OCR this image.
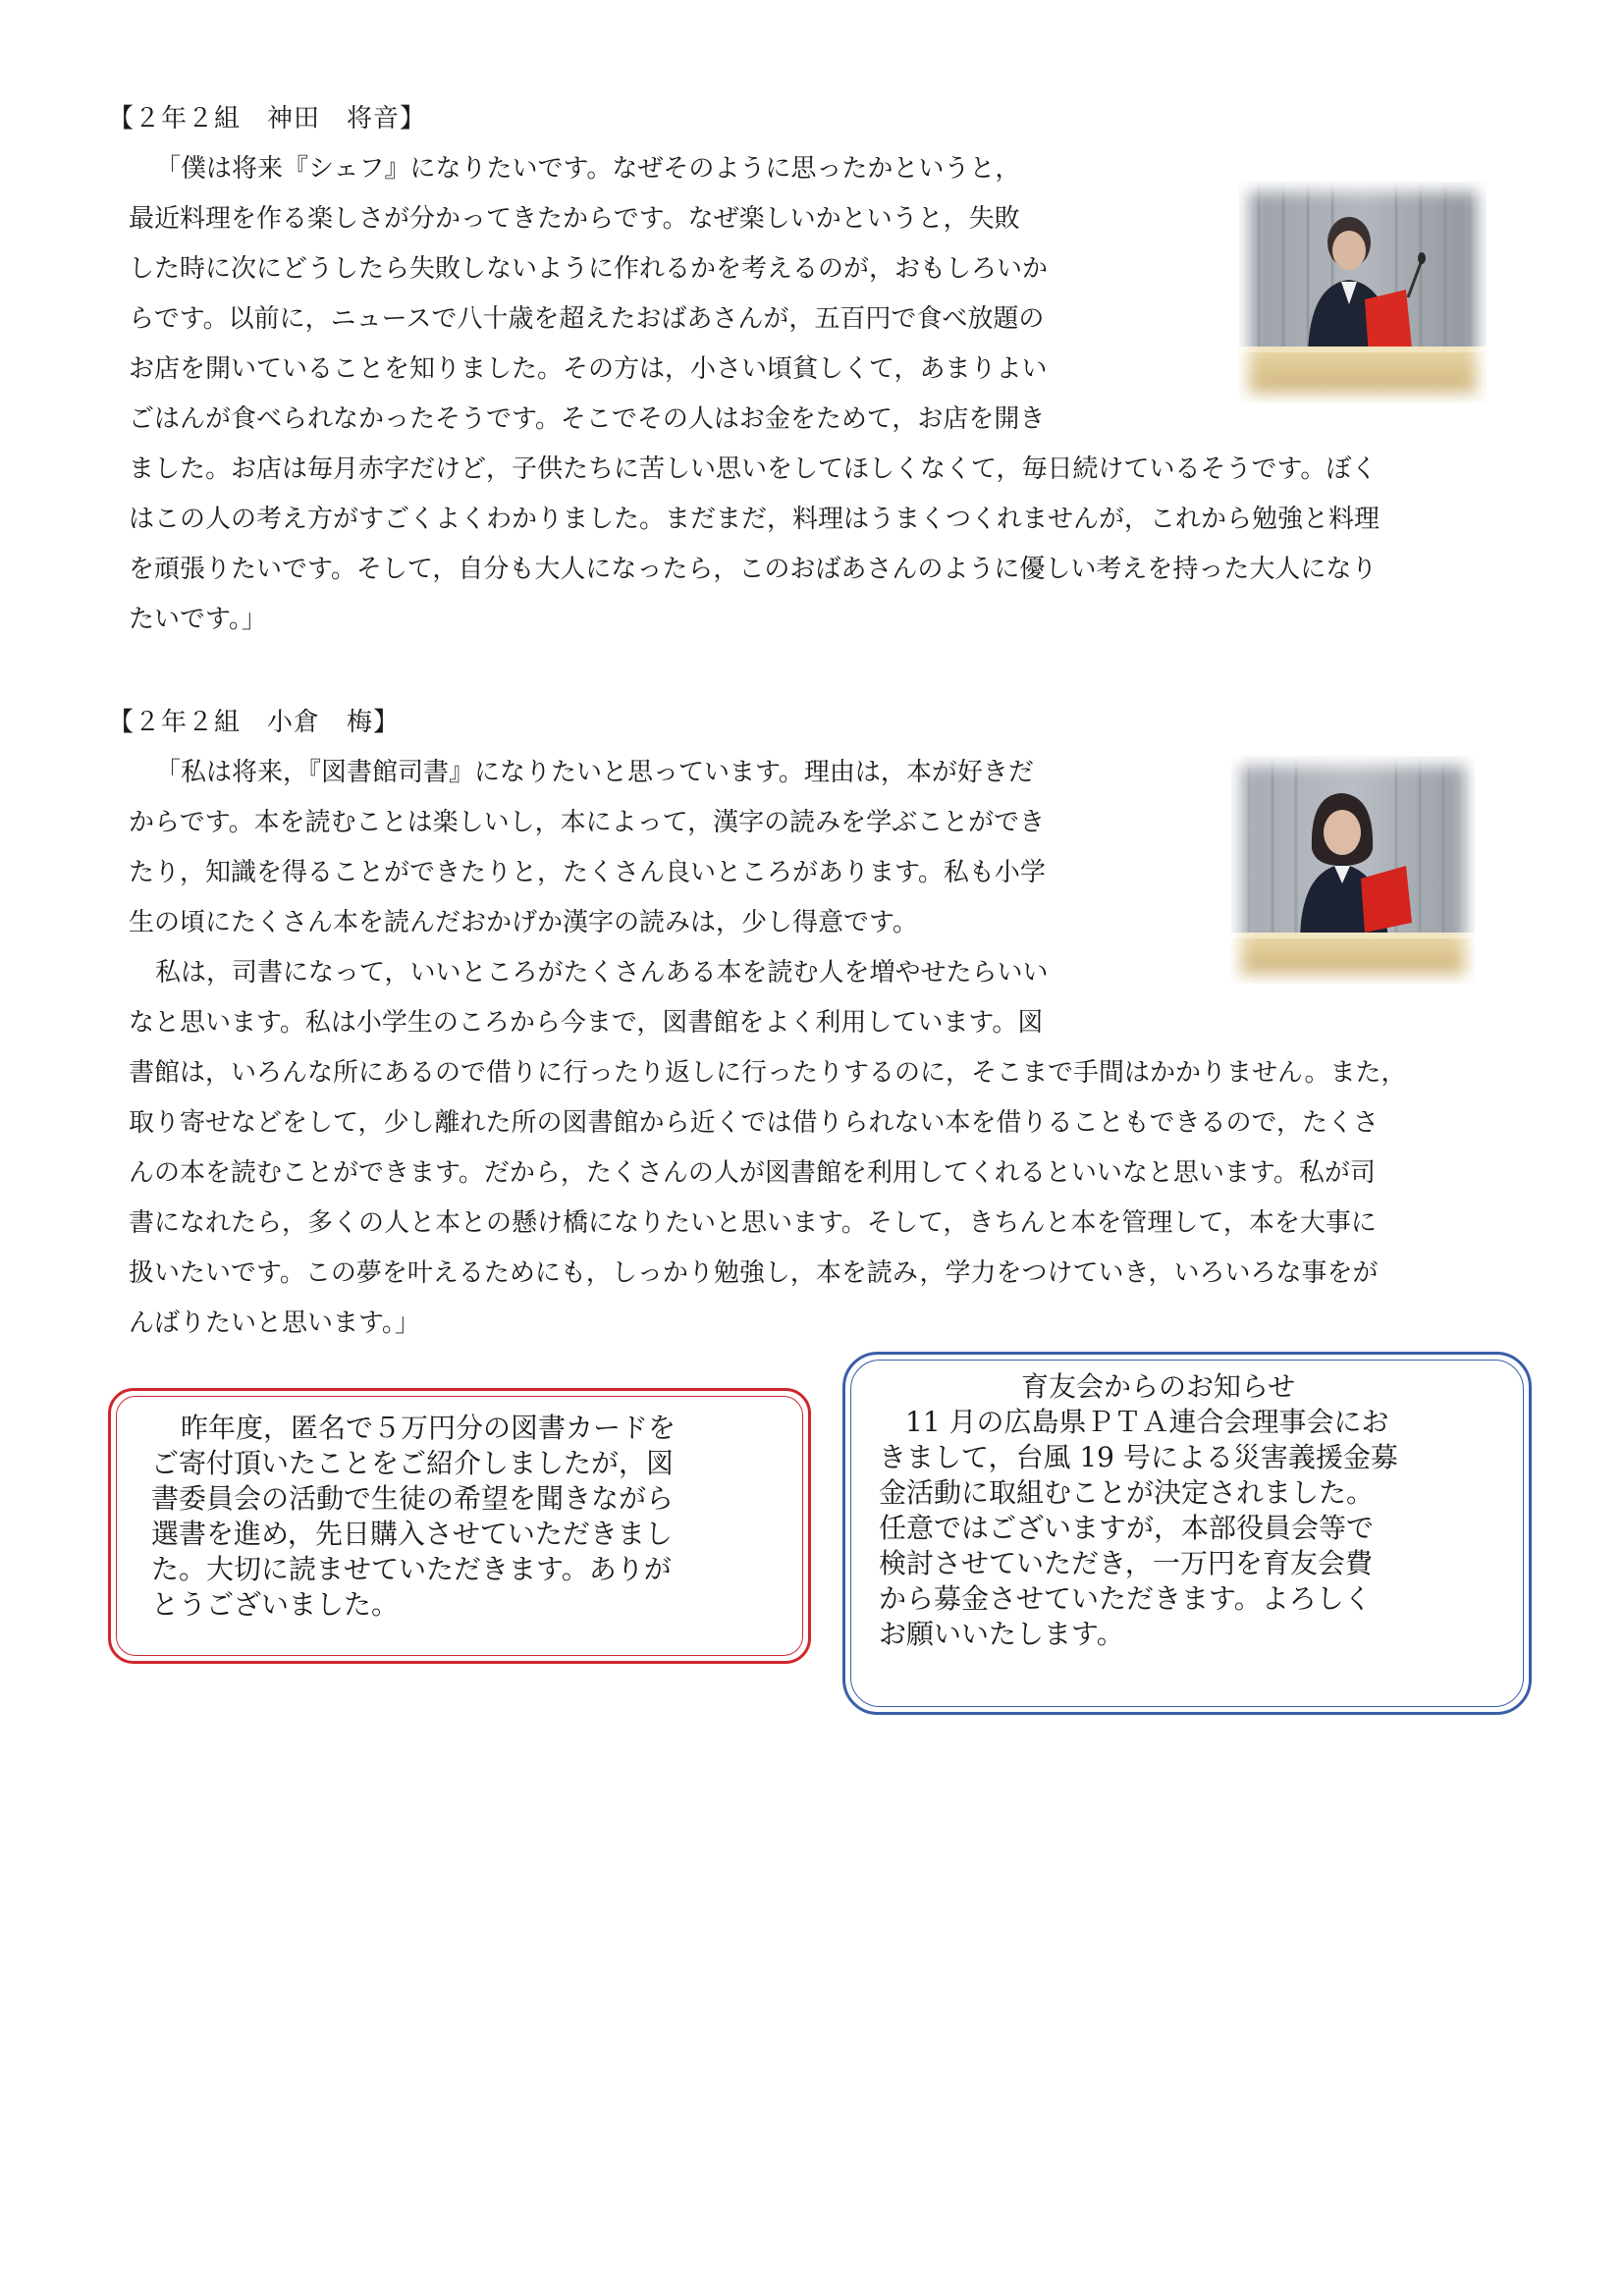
【２年２組　神田　将音】
「僕は将来『シェフ』になりたいです。なぜそのように思ったかというと，
最近料理を作る楽しさが分かってきたからです。なぜ楽しいかというと，失敗
した時に次にどうしたら失敗しないように作れるかを考えるのが，おもしろいか
らです。以前に，ニュースで八十歳を超えたおばあさんが，五百円で食べ放題の
お店を開いていることを知りました。その方は，小さい頃貧しくて，あまりよい
ごはんが食べられなかったそうです。そこでその人はお金をためて，お店を開き
ました。お店は毎月赤字だけど，子供たちに苦しい思いをしてほしくなくて，毎日続けているそうです。ぼく
はこの人の考え方がすごくよくわかりました。まだまだ，料理はうまくつくれませんが，これから勉強と料理
を頑張りたいです。そして，自分も大人になったら，このおばあさんのように優しい考えを持った大人になり
たいです。」
【２年２組　小倉　梅】
「私は将来，『図書館司書』になりたいと思っています。理由は，本が好きだ
からです。本を読むことは楽しいし，本によって，漢字の読みを学ぶことができ
たり，知識を得ることができたりと，たくさん良いところがあります。私も小学
生の頃にたくさん本を読んだおかげか漢字の読みは，少し得意です。
私は，司書になって，いいところがたくさんある本を読む人を増やせたらいい
なと思います。私は小学生のころから今まで，図書館をよく利用しています。図
書館は，いろんな所にあるので借りに行ったり返しに行ったりするのに，そこまで手間はかかりません。また，
取り寄せなどをして，少し離れた所の図書館から近くでは借りられない本を借りることもできるので，たくさ
んの本を読むことができます。だから，たくさんの人が図書館を利用してくれるといいなと思います。私が司
書になれたら，多くの人と本との懸け橋になりたいと思います。そして，きちんと本を管理して，本を大事に
扱いたいです。この夢を叶えるためにも，しっかり勉強し，本を読み，学力をつけていき，いろいろな事をが
んばりたいと思います。」
昨年度，匿名で５万円分の図書カードを
ご寄付頂いたことをご紹介しましたが，図
書委員会の活動で生徒の希望を聞きながら
選書を進め，先日購入させていただきまし
た。大切に読ませていただきます。ありが
とうございました。
育友会からのお知らせ
11 月の広島県ＰＴＡ連合会理事会にお
きまして，台風 19 号による災害義援金募
金活動に取組むことが決定されました。
任意ではございますが，本部役員会等で
検討させていただき，一万円を育友会費
から募金させていただきます。よろしく
お願いいたします。
